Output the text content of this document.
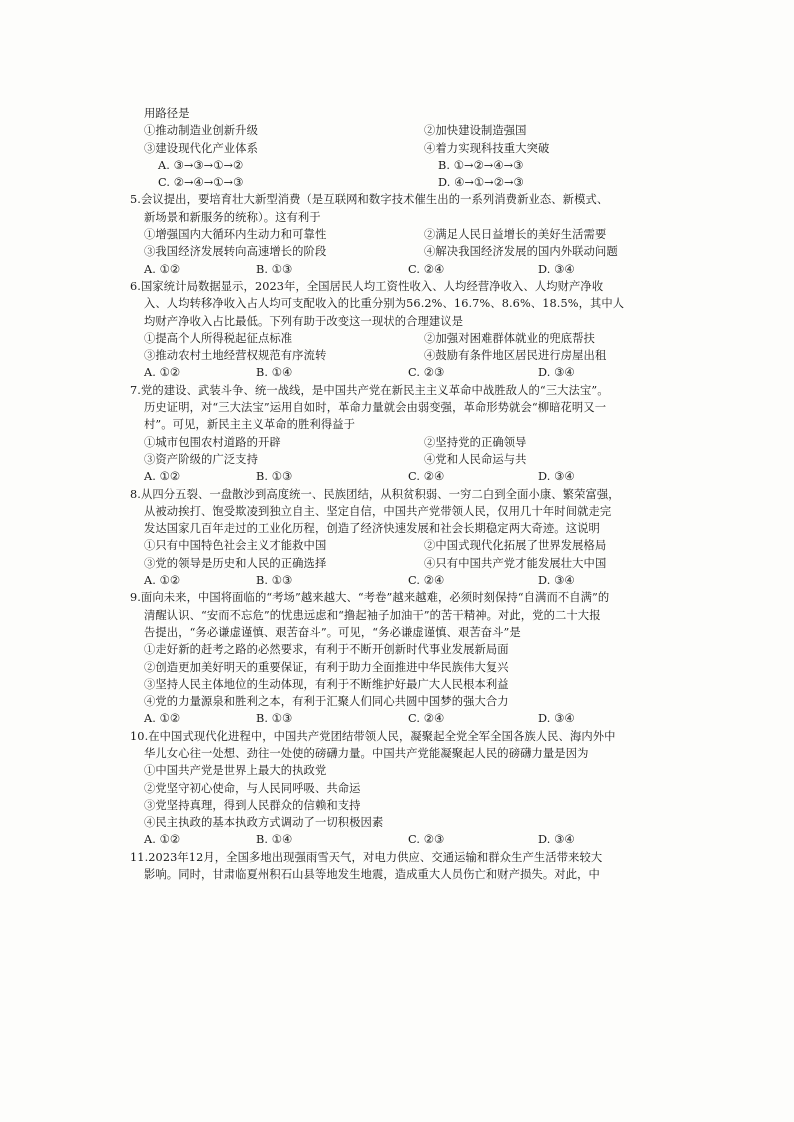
用路径是

①推动制造业创新升级	②加快建设制造强国
③建设现代化产业体系	④着力实现科技重大突破
A. ③→③→①→②	B. ①→②→④→③
C. ②→④→①→③	D. ④→①→②→③

5.会议提出，要培育壮大新型消费（是互联网和数字技术催生出的一系列消费新业态、新模式、

新场景和新服务的统称）。这有利于

①增强国内大循环内生动力和可靠性	②满足人民日益增长的美好生活需要
③我国经济发展转向高速增长的阶段	④解决我国经济发展的国内外联动问题
A. ①②	B. ①③	C. ②④	D. ③④

6.国家统计局数据显示，2023年，全国居民人均工资性收入、人均经营净收入、人均财产净收

入、人均转移净收入占人均可支配收入的比重分别为56.2%、16.7%、8.6%、18.5%，其中人

均财产净收入占比最低。下列有助于改变这一现状的合理建议是

①提高个人所得税起征点标准	②加强对困难群体就业的兜底帮扶
③推动农村土地经营权规范有序流转	④鼓励有条件地区居民进行房屋出租
A. ①②	B. ①④	C. ②③	D. ③④

7.党的建设、武装斗争、统一战线，是中国共产党在新民主主义革命中战胜敌人的“三大法宝”。

历史证明，对“三大法宝”运用自如时，革命力量就会由弱变强，革命形势就会“柳暗花明又一

村”。可见，新民主主义革命的胜利得益于

①城市包围农村道路的开辟	②坚持党的正确领导
③资产阶级的广泛支持	④党和人民命运与共
A. ①②	B. ①③	C. ②④	D. ③④

8.从四分五裂、一盘散沙到高度统一、民族团结，从积贫积弱、一穷二白到全面小康、繁荣富强，

从被动挨打、饱受欺凌到独立自主、坚定自信，中国共产党带领人民，仅用几十年时间就走完

发达国家几百年走过的工业化历程，创造了经济快速发展和社会长期稳定两大奇迹。这说明

①只有中国特色社会主义才能救中国	②中国式现代化拓展了世界发展格局
③党的领导是历史和人民的正确选择	④只有中国共产党才能发展壮大中国
A. ①②	B. ①③	C. ②④	D. ③④

9.面向未来，中国将面临的“考场”越来越大、“考卷”越来越难，必须时刻保持“自满而不自满”的

清醒认识、“安而不忘危”的忧患远虑和“撸起袖子加油干”的苦干精神。对此，党的二十大报

告提出，“务必谦虚谨慎、艰苦奋斗”。可见，“务必谦虚谨慎、艰苦奋斗”是

①走好新的赶考之路的必然要求，有利于不断开创新时代事业发展新局面

②创造更加美好明天的重要保证，有利于助力全面推进中华民族伟大复兴

③坚持人民主体地位的生动体现，有利于不断维护好最广大人民根本利益

④党的力量源泉和胜利之本，有利于汇聚人们同心共圆中国梦的强大合力

A. ①②	B. ①③	C. ②④	D. ③④

10.在中国式现代化进程中，中国共产党团结带领人民，凝聚起全党全军全国各族人民、海内外中

华儿女心往一处想、劲往一处使的磅礴力量。中国共产党能凝聚起人民的磅礴力量是因为

①中国共产党是世界上最大的执政党

②党坚守初心使命，与人民同呼吸、共命运

③党坚持真理，得到人民群众的信赖和支持

④民主执政的基本执政方式调动了一切积极因素

A. ①②	B. ①④	C. ②③	D. ③④

11.2023年12月，全国多地出现强雨雪天气，对电力供应、交通运输和群众生产生活带来较大

影响。同时，甘肃临夏州积石山县等地发生地震，造成重大人员伤亡和财产损失。对此，中
